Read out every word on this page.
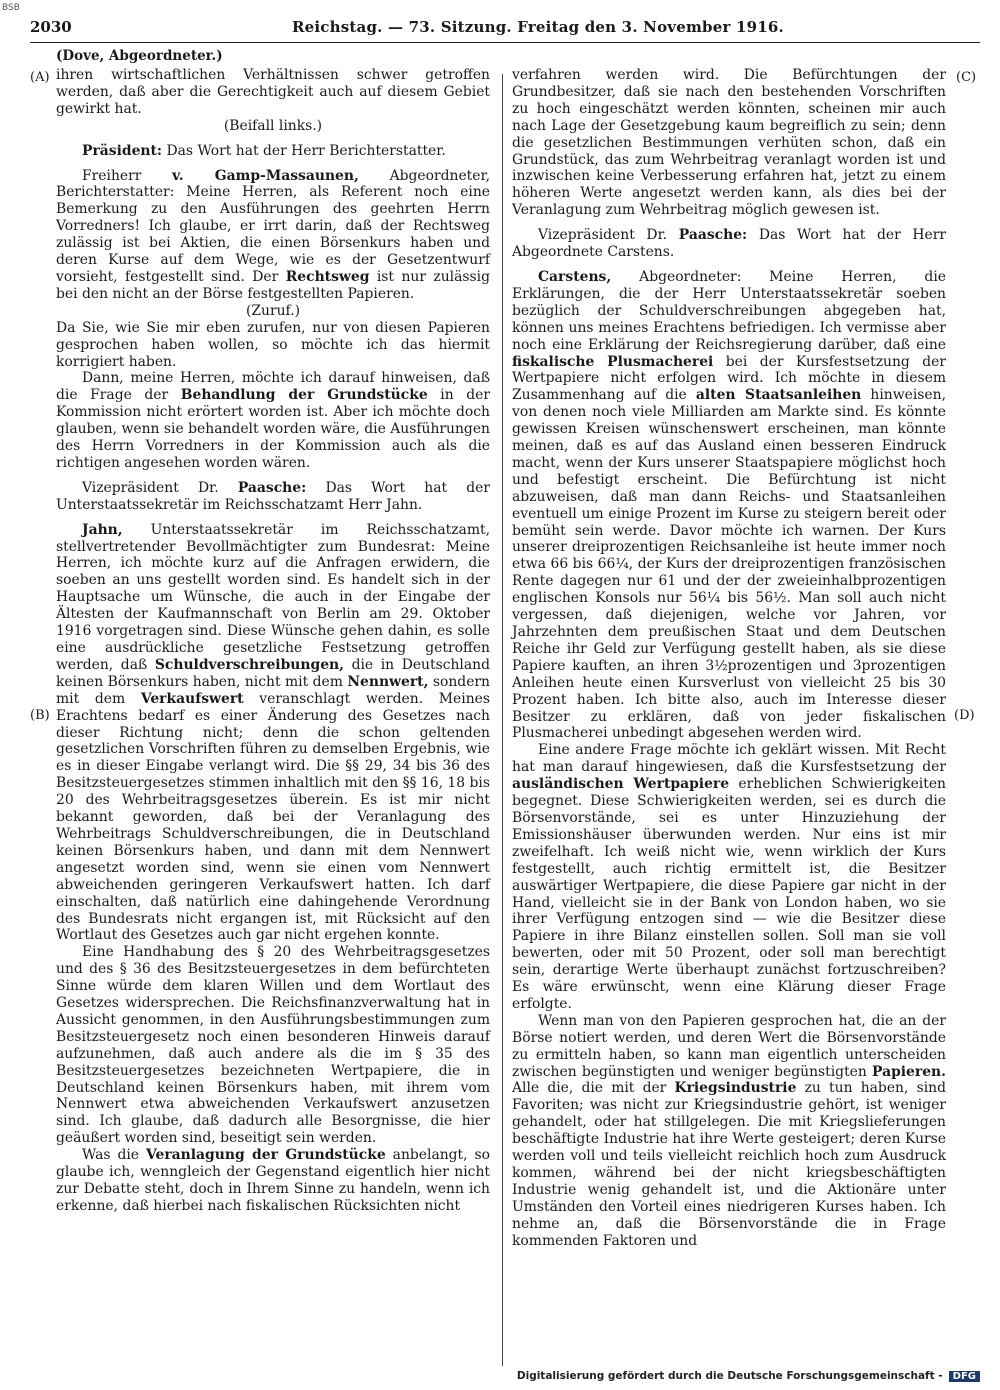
BSB
2030	Reichstag. — 73. Sitzung. Freitag den 3. November 1916.
(A)
(B)
(C)
(D)
(Dove, Abgeordneter.)

ihren wirtschaftlichen Verhältnissen schwer getroffen werden, daß aber die Gerechtigkeit auch auf diesem Gebiet gewirkt hat.

(Beifall links.)

Präsident: Das Wort hat der Herr Berichterstatter.

Freiherr v. Gamp-Massaunen, Abgeordneter, Berichterstatter: Meine Herren, als Referent noch eine Bemerkung zu den Ausführungen des geehrten Herrn Vorredners! Ich glaube, er irrt darin, daß der Rechtsweg zulässig ist bei Aktien, die einen Börsenkurs haben und deren Kurse auf dem Wege, wie es der Gesetzentwurf vorsieht, festgestellt sind. Der Rechtsweg ist nur zulässig bei den nicht an der Börse festgestellten Papieren.

(Zuruf.)

Da Sie, wie Sie mir eben zurufen, nur von diesen Papieren gesprochen haben wollen, so möchte ich das hiermit korrigiert haben.

Dann, meine Herren, möchte ich darauf hinweisen, daß die Frage der Behandlung der Grundstücke in der Kommission nicht erörtert worden ist. Aber ich möchte doch glauben, wenn sie behandelt worden wäre, die Ausführungen des Herrn Vorredners in der Kommission auch als die richtigen angesehen worden wären.

Vizepräsident Dr. Paasche: Das Wort hat der Unterstaatssekretär im Reichsschatzamt Herr Jahn.

Jahn, Unterstaatssekretär im Reichsschatzamt, stellvertretender Bevollmächtigter zum Bundesrat: Meine Herren, ich möchte kurz auf die Anfragen erwidern, die soeben an uns gestellt worden sind. Es handelt sich in der Hauptsache um Wünsche, die auch in der Eingabe der Ältesten der Kaufmannschaft von Berlin am 29. Oktober 1916 vorgetragen sind. Diese Wünsche gehen dahin, es solle eine ausdrückliche gesetzliche Festsetzung getroffen werden, daß Schuldverschreibungen, die in Deutschland keinen Börsenkurs haben, nicht mit dem Nennwert, sondern mit dem Verkaufswert veranschlagt werden. Meines Erachtens bedarf es einer Änderung des Gesetzes nach dieser Richtung nicht; denn die schon geltenden gesetzlichen Vorschriften führen zu demselben Ergebnis, wie es in dieser Eingabe verlangt wird. Die §§ 29, 34 bis 36 des Besitzsteuergesetzes stimmen inhaltlich mit den §§ 16, 18 bis 20 des Wehrbeitragsgesetzes überein. Es ist mir nicht bekannt geworden, daß bei der Veranlagung des Wehrbeitrags Schuldverschreibungen, die in Deutschland keinen Börsenkurs haben, und dann mit dem Nennwert angesetzt worden sind, wenn sie einen vom Nennwert abweichenden geringeren Verkaufswert hatten. Ich darf einschalten, daß natürlich eine dahingehende Verordnung des Bundesrats nicht ergangen ist, mit Rücksicht auf den Wortlaut des Gesetzes auch gar nicht ergehen konnte.

Eine Handhabung des § 20 des Wehrbeitragsgesetzes und des § 36 des Besitzsteuergesetzes in dem befürchteten Sinne würde dem klaren Willen und dem Wortlaut des Gesetzes widersprechen. Die Reichsfinanzverwaltung hat in Aussicht genommen, in den Ausführungsbestimmungen zum Besitzsteuergesetz noch einen besonderen Hinweis darauf aufzunehmen, daß auch andere als die im § 35 des Besitzsteuergesetzes bezeichneten Wertpapiere, die in Deutschland keinen Börsenkurs haben, mit ihrem vom Nennwert etwa abweichenden Verkaufswert anzusetzen sind. Ich glaube, daß dadurch alle Besorgnisse, die hier geäußert worden sind, beseitigt sein werden.

Was die Veranlagung der Grundstücke anbelangt, so glaube ich, wenngleich der Gegenstand eigentlich hier nicht zur Debatte steht, doch in Ihrem Sinne zu handeln, wenn ich erkenne, daß hierbei nach fiskalischen Rücksichten nicht

verfahren werden wird. Die Befürchtungen der Grundbesitzer, daß sie nach den bestehenden Vorschriften zu hoch eingeschätzt werden könnten, scheinen mir auch nach Lage der Gesetzgebung kaum begreiflich zu sein; denn die gesetzlichen Bestimmungen verhüten schon, daß ein Grundstück, das zum Wehrbeitrag veranlagt worden ist und inzwischen keine Verbesserung erfahren hat, jetzt zu einem höheren Werte angesetzt werden kann, als dies bei der Veranlagung zum Wehrbeitrag möglich gewesen ist.

Vizepräsident Dr. Paasche: Das Wort hat der Herr Abgeordnete Carstens.

Carstens, Abgeordneter: Meine Herren, die Erklärungen, die der Herr Unterstaatssekretär soeben bezüglich der Schuldverschreibungen abgegeben hat, können uns meines Erachtens befriedigen. Ich vermisse aber noch eine Erklärung der Reichsregierung darüber, daß eine fiskalische Plusmacherei bei der Kursfestsetzung der Wertpapiere nicht erfolgen wird. Ich möchte in diesem Zusammenhang auf die alten Staatsanleihen hinweisen, von denen noch viele Milliarden am Markte sind. Es könnte gewissen Kreisen wünschenswert erscheinen, man könnte meinen, daß es auf das Ausland einen besseren Eindruck macht, wenn der Kurs unserer Staatspapiere möglichst hoch und befestigt erscheint. Die Befürchtung ist nicht abzuweisen, daß man dann Reichs- und Staatsanleihen eventuell um einige Prozent im Kurse zu steigern bereit oder bemüht sein werde. Davor möchte ich warnen. Der Kurs unserer dreiprozentigen Reichsanleihe ist heute immer noch etwa 66 bis 66¼, der Kurs der dreiprozentigen französischen Rente dagegen nur 61 und der der zweieinhalbprozentigen englischen Konsols nur 56¼ bis 56½. Man soll auch nicht vergessen, daß diejenigen, welche vor Jahren, vor Jahrzehnten dem preußischen Staat und dem Deutschen Reiche ihr Geld zur Verfügung gestellt haben, als sie diese Papiere kauften, an ihren 3½prozentigen und 3prozentigen Anleihen heute einen Kursverlust von vielleicht 25 bis 30 Prozent haben. Ich bitte also, auch im Interesse dieser Besitzer zu erklären, daß von jeder fiskalischen Plusmacherei unbedingt abgesehen werden wird.

Eine andere Frage möchte ich geklärt wissen. Mit Recht hat man darauf hingewiesen, daß die Kursfestsetzung der ausländischen Wertpapiere erheblichen Schwierigkeiten begegnet. Diese Schwierigkeiten werden, sei es durch die Börsenvorstände, sei es unter Hinzuziehung der Emissionshäuser überwunden werden. Nur eins ist mir zweifelhaft. Ich weiß nicht wie, wenn wirklich der Kurs festgestellt, auch richtig ermittelt ist, die Besitzer auswärtiger Wertpapiere, die diese Papiere gar nicht in der Hand, vielleicht sie in der Bank von London haben, wo sie ihrer Verfügung entzogen sind — wie die Besitzer diese Papiere in ihre Bilanz einstellen sollen. Soll man sie voll bewerten, oder mit 50 Prozent, oder soll man berechtigt sein, derartige Werte überhaupt zunächst fortzuschreiben? Es wäre erwünscht, wenn eine Klärung dieser Frage erfolgte.

Wenn man von den Papieren gesprochen hat, die an der Börse notiert werden, und deren Wert die Börsenvorstände zu ermitteln haben, so kann man eigentlich unterscheiden zwischen begünstigten und weniger begünstigten Papieren. Alle die, die mit der Kriegsindustrie zu tun haben, sind Favoriten; was nicht zur Kriegsindustrie gehört, ist weniger gehandelt, oder hat stillgelegen. Die mit Kriegslieferungen beschäftigte Industrie hat ihre Werte gesteigert; deren Kurse werden voll und teils vielleicht reichlich hoch zum Ausdruck kommen, während bei der nicht kriegsbeschäftigten Industrie wenig gehandelt ist, und die Aktionäre unter Umständen den Vorteil eines niedrigeren Kurses haben. Ich nehme an, daß die Börsenvorstände die in Frage kommenden Faktoren und

Digitalisierung gefördert durch die Deutsche Forschungsgemeinschaft - DFG
